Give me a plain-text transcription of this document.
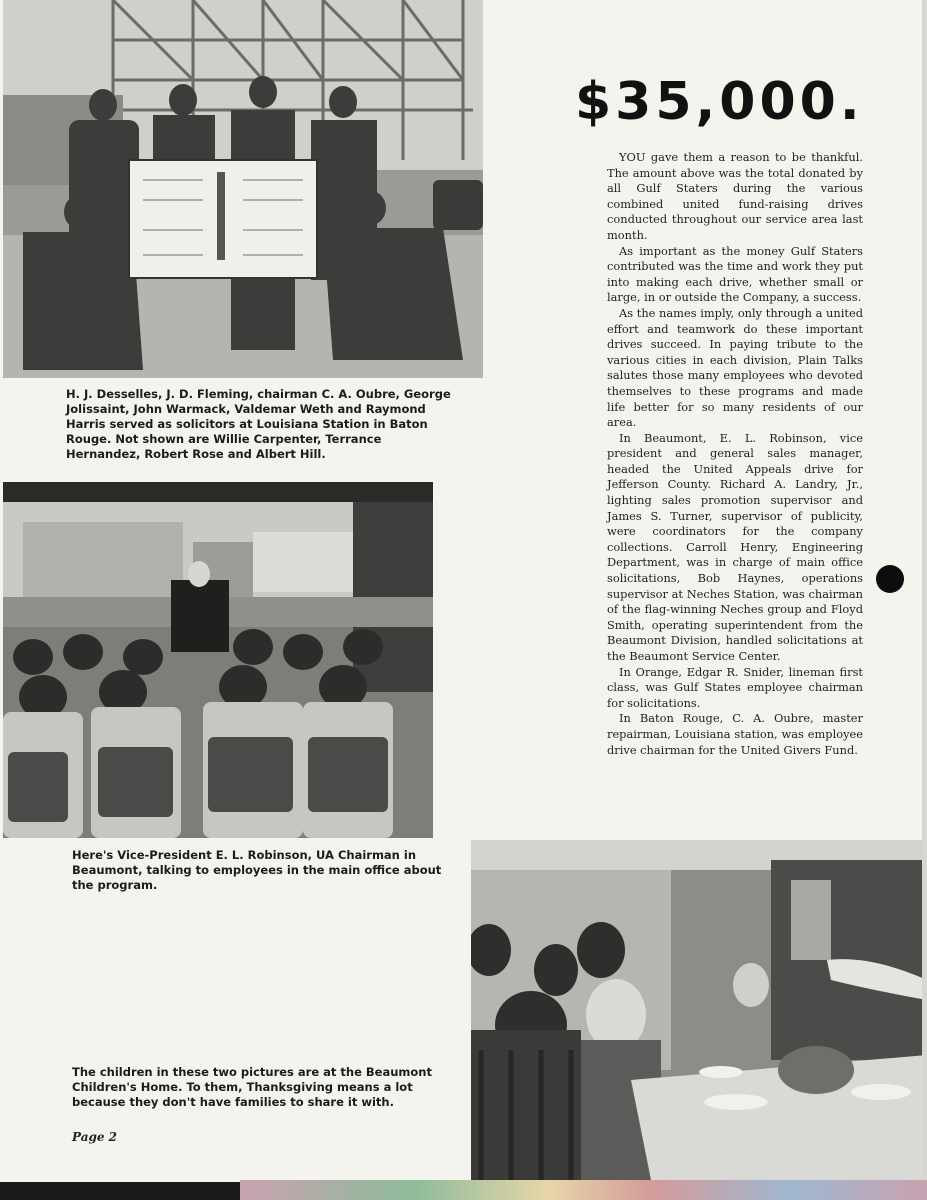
H. J. Desselles, J. D. Fleming, chairman C. A. Oubre, George Jolissaint, John Warmack, Valdemar Weth and Raymond Harris served as solicitors at Louisiana Station in Baton Rouge. Not shown are Willie Carpenter, Terrance Hernandez, Robert Rose and Albert Hill.
Here's Vice-President E. L. Robinson, UA Chairman in Beaumont, talking to employees in the main office about the program.
The children in these two pictures are at the Beaumont Children's Home. To them, Thanksgiving means a lot because they don't have families to share it with.
Page 2
$35,000.

YOU gave them a reason to be thankful. The amount above was the total donated by all Gulf Staters during the various combined united fund-raising drives conducted throughout our service area last month.

As important as the money Gulf Staters contributed was the time and work they put into making each drive, whether small or large, in or outside the Company, a success.

As the names imply, only through a united effort and teamwork do these important drives succeed. In paying tribute to the various cities in each division, Plain Talks salutes those many employees who devoted themselves to these programs and made life better for so many residents of our area.

In Beaumont, E. L. Robinson, vice president and general sales manager, headed the United Appeals drive for Jefferson County. Richard A. Landry, Jr., lighting sales promotion supervisor and James S. Turner, supervisor of publicity, were coordinators for the company collections. Carroll Henry, Engineering Department, was in charge of main office solicitations, Bob Haynes, operations supervisor at Neches Station, was chairman of the flag-winning Neches group and Floyd Smith, operating superintendent from the Beaumont Division, handled solicitations at the Beaumont Service Center.

In Orange, Edgar R. Snider, lineman first class, was Gulf States employee chairman for solicitations.

In Baton Rouge, C. A. Oubre, master repairman, Louisiana station, was employee drive chairman for the United Givers Fund.
